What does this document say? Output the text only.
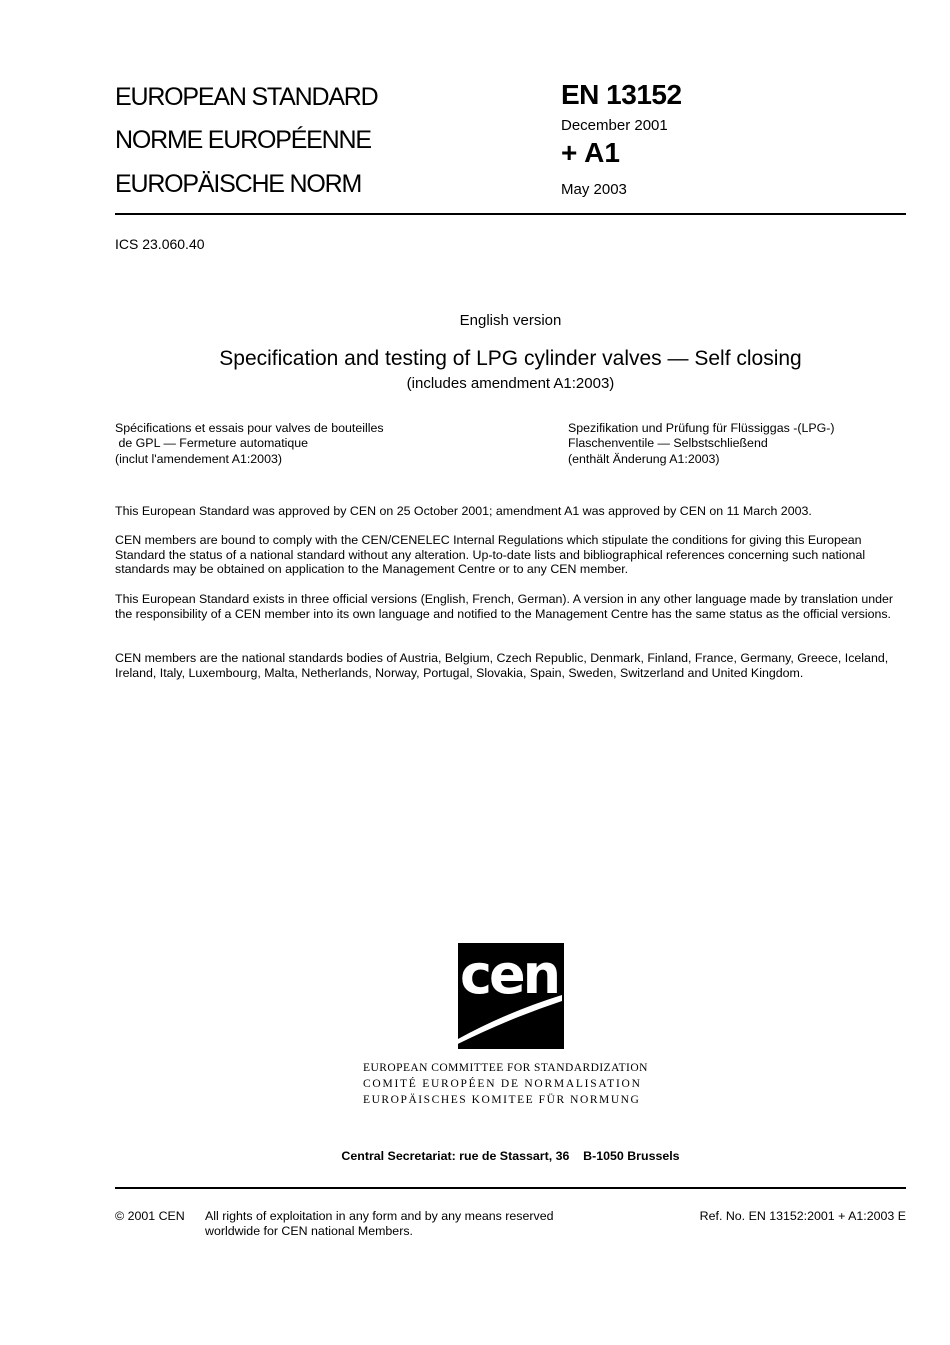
EUROPEAN STANDARD
NORME EUROPÉENNE
EUROPÄISCHE NORM
EN 13152
December 2001
+ A1
May 2003
ICS 23.060.40
English version
Specification and testing of LPG cylinder valves — Self closing
(includes amendment A1:2003)
Spécifications et essais pour valves de bouteilles
de GPL — Fermeture automatique
(inclut l'amendement A1:2003)
Spezifikation und Prüfung für Flüssiggas -(LPG-)
Flaschenventile — Selbstschließend
(enthält Änderung A1:2003)
This European Standard was approved by CEN on 25 October 2001; amendment A1 was approved by CEN on 11 March 2003.
CEN members are bound to comply with the CEN/CENELEC Internal Regulations which stipulate the conditions for giving this European Standard the status of a national standard without any alteration. Up-to-date lists and bibliographical references concerning such national standards may be obtained on application to the Management Centre or to any CEN member.
This European Standard exists in three official versions (English, French, German). A version in any other language made by translation under the responsibility of a CEN member into its own language and notified to the Management Centre has the same status as the official versions.
CEN members are the national standards bodies of Austria, Belgium, Czech Republic, Denmark, Finland, France, Germany, Greece, Iceland, Ireland, Italy, Luxembourg, Malta, Netherlands, Norway, Portugal, Slovakia, Spain, Sweden, Switzerland and United Kingdom.
cen
EUROPEAN COMMITTEE FOR STANDARDIZATION
COMITÉ EUROPÉEN DE NORMALISATION
EUROPÄISCHES KOMITEE FÜR NORMUNG
Central Secretariat: rue de Stassart, 36    B-1050 Brussels
© 2001 CEN All rights of exploitation in any form and by any means reserved
worldwide for CEN national Members.
Ref. No. EN 13152:2001 + A1:2003 E
